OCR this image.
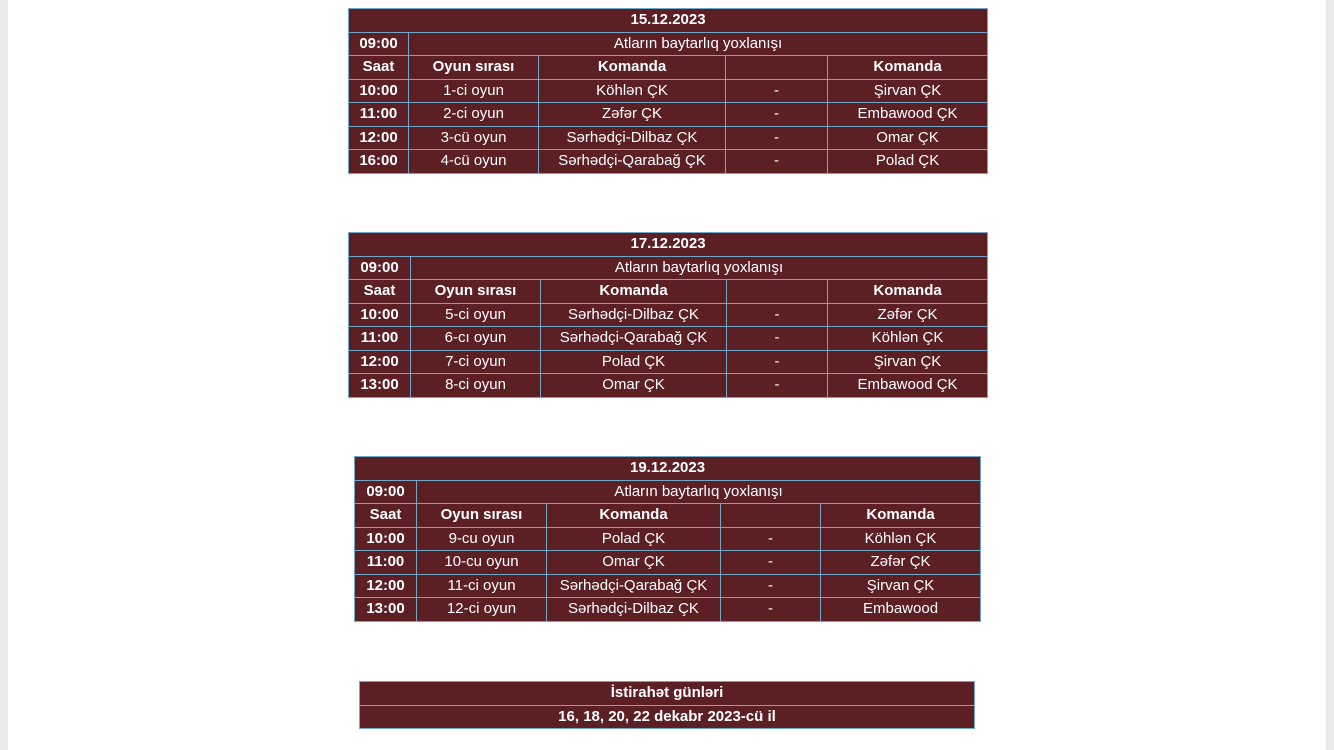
15.12.2023				
09:00	Atların baytarlıq yoxlanışı			
Saat	Oyun sırası	Komanda		Komanda
10:00	1-ci oyun	Köhlən ÇK	-	Şirvan ÇK
11:00	2-ci oyun	Zəfər ÇK	-	Embawood ÇK
12:00	3-cü oyun	Sərhədçi-Dilbaz ÇK	-	Omar ÇK
16:00	4-cü oyun	Sərhədçi-Qarabağ ÇK	-	Polad ÇK
17.12.2023				
09:00	Atların baytarlıq yoxlanışı			
Saat	Oyun sırası	Komanda		Komanda
10:00	5-ci oyun	Sərhədçi-Dilbaz ÇK	-	Zəfər ÇK
11:00	6-cı oyun	Sərhədçi-Qarabağ ÇK	-	Köhlən ÇK
12:00	7-ci oyun	Polad ÇK	-	Şirvan ÇK
13:00	8-ci oyun	Omar ÇK	-	Embawood ÇK
19.12.2023				
09:00	Atların baytarlıq yoxlanışı			
Saat	Oyun sırası	Komanda		Komanda
10:00	9-cu oyun	Polad ÇK	-	Köhlən ÇK
11:00	10-cu oyun	Omar ÇK	-	Zəfər ÇK
12:00	11-ci oyun	Sərhədçi-Qarabağ ÇK	-	Şirvan ÇK
13:00	12-ci oyun	Sərhədçi-Dilbaz ÇK	-	Embawood
İstirahət günləri
16, 18, 20, 22 dekabr 2023-cü il
